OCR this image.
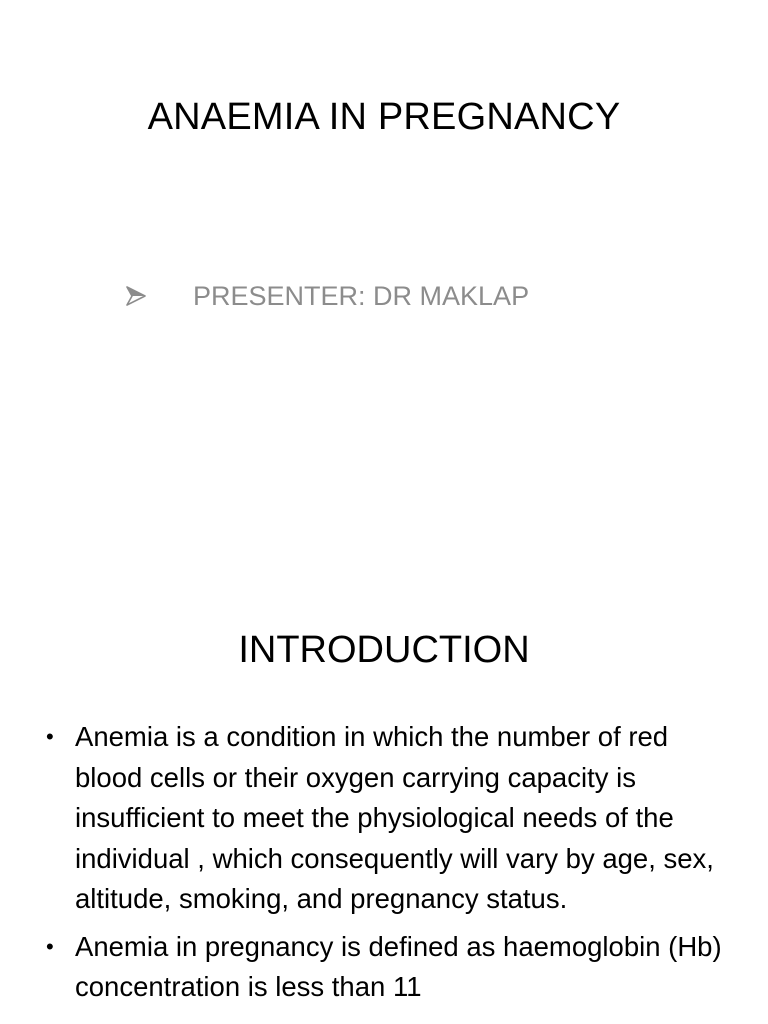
ANAEMIA IN PREGNANCY
PRESENTER: DR MAKLAP
INTRODUCTION
• Anemia is a condition in which the number of red blood cells or their oxygen carrying capacity is insufficient to meet the physiological needs of the individual , which consequently will vary by age, sex, altitude, smoking, and pregnancy status.
• Anemia in pregnancy is defined as haemoglobin (Hb) concentration is less than 11
